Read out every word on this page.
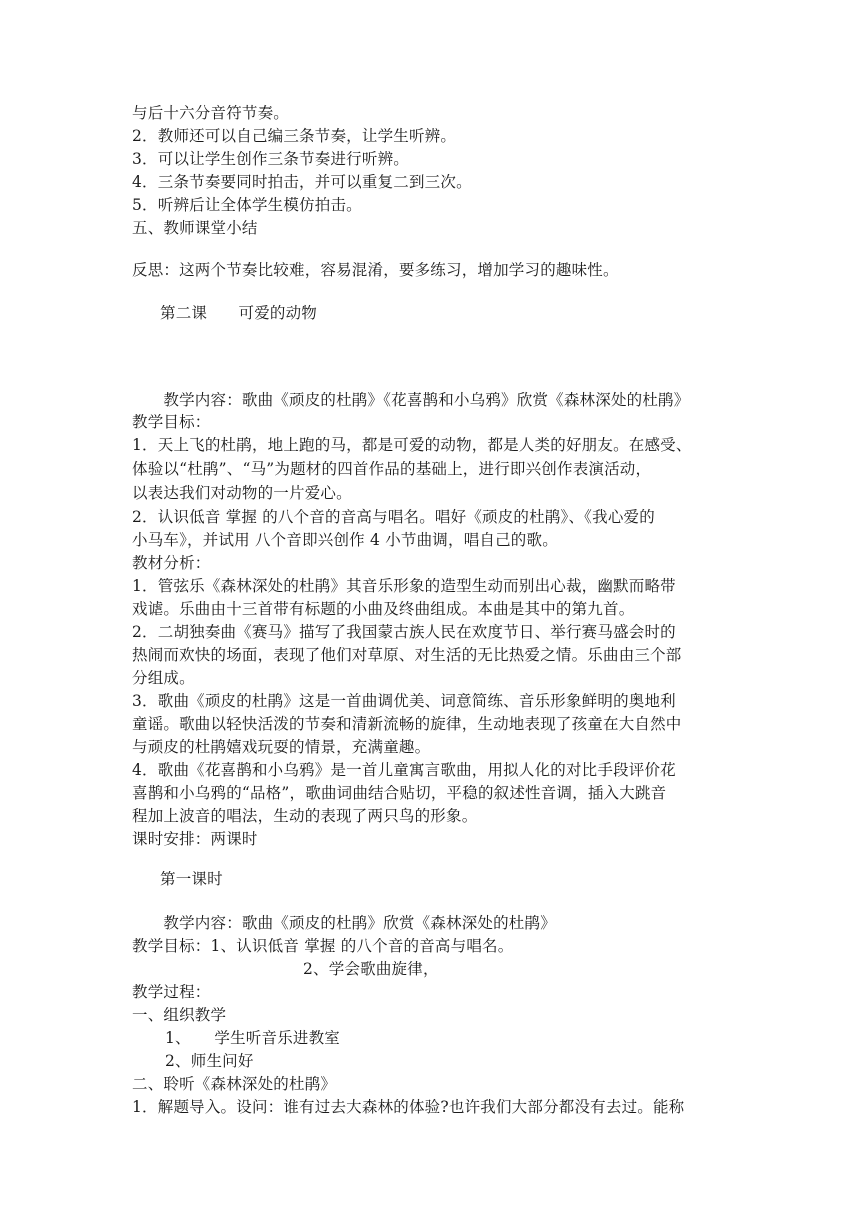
与后十六分音符节奏。
2．教师还可以自己编三条节奏，让学生听辨。
3．可以让学生创作三条节奏进行听辨。
4．三条节奏要同时拍击，并可以重复二到三次。
5．听辨后让全体学生模仿拍击。
五、教师课堂小结
反思：这两个节奏比较难，容易混淆，要多练习，增加学习的趣味性。
第二课　　可爱的动物
　　教学内容：歌曲《顽皮的杜鹃》《花喜鹊和小乌鸦》欣赏《森林深处的杜鹃》
教学目标：
1．天上飞的杜鹃，地上跑的马，都是可爱的动物，都是人类的好朋友。在感受、
体验以“杜鹃”、“马”为题材的四首作品的基础上，进行即兴创作表演活动，
以表达我们对动物的一片爱心。
2．认识低音 掌握 的八个音的音高与唱名。唱好《顽皮的杜鹃》、《我心爱的
小马车》，并试用 八个音即兴创作 4 小节曲调，唱自己的歌。
教材分析：
1．管弦乐《森林深处的杜鹃》其音乐形象的造型生动而别出心裁，幽默而略带
戏谑。乐曲由十三首带有标题的小曲及终曲组成。本曲是其中的第九首。
2．二胡独奏曲《赛马》描写了我国蒙古族人民在欢度节日、举行赛马盛会时的
热闹而欢快的场面，表现了他们对草原、对生活的无比热爱之情。乐曲由三个部
分组成。
3．歌曲《顽皮的杜鹃》这是一首曲调优美、词意简练、音乐形象鲜明的奥地利
童谣。歌曲以轻快活泼的节奏和清新流畅的旋律，生动地表现了孩童在大自然中
与顽皮的杜鹃嬉戏玩耍的情景，充满童趣。
4．歌曲《花喜鹊和小乌鸦》是一首儿童寓言歌曲，用拟人化的对比手段评价花
喜鹊和小乌鸦的“品格”，歌曲词曲结合贴切，平稳的叙述性音调，插入大跳音
程加上波音的唱法，生动的表现了两只鸟的形象。
课时安排：两课时
第一课时
　　教学内容：歌曲《顽皮的杜鹃》欣赏《森林深处的杜鹃》
教学目标：1、认识低音 掌握 的八个音的音高与唱名。
2、学会歌曲旋律，
教学过程：
一、组织教学
1、　　学生听音乐进教室
2、师生问好
二、聆听《森林深处的杜鹃》
1．解题导入。设问：谁有过去大森林的体验?也许我们大部分都没有去过。能称
